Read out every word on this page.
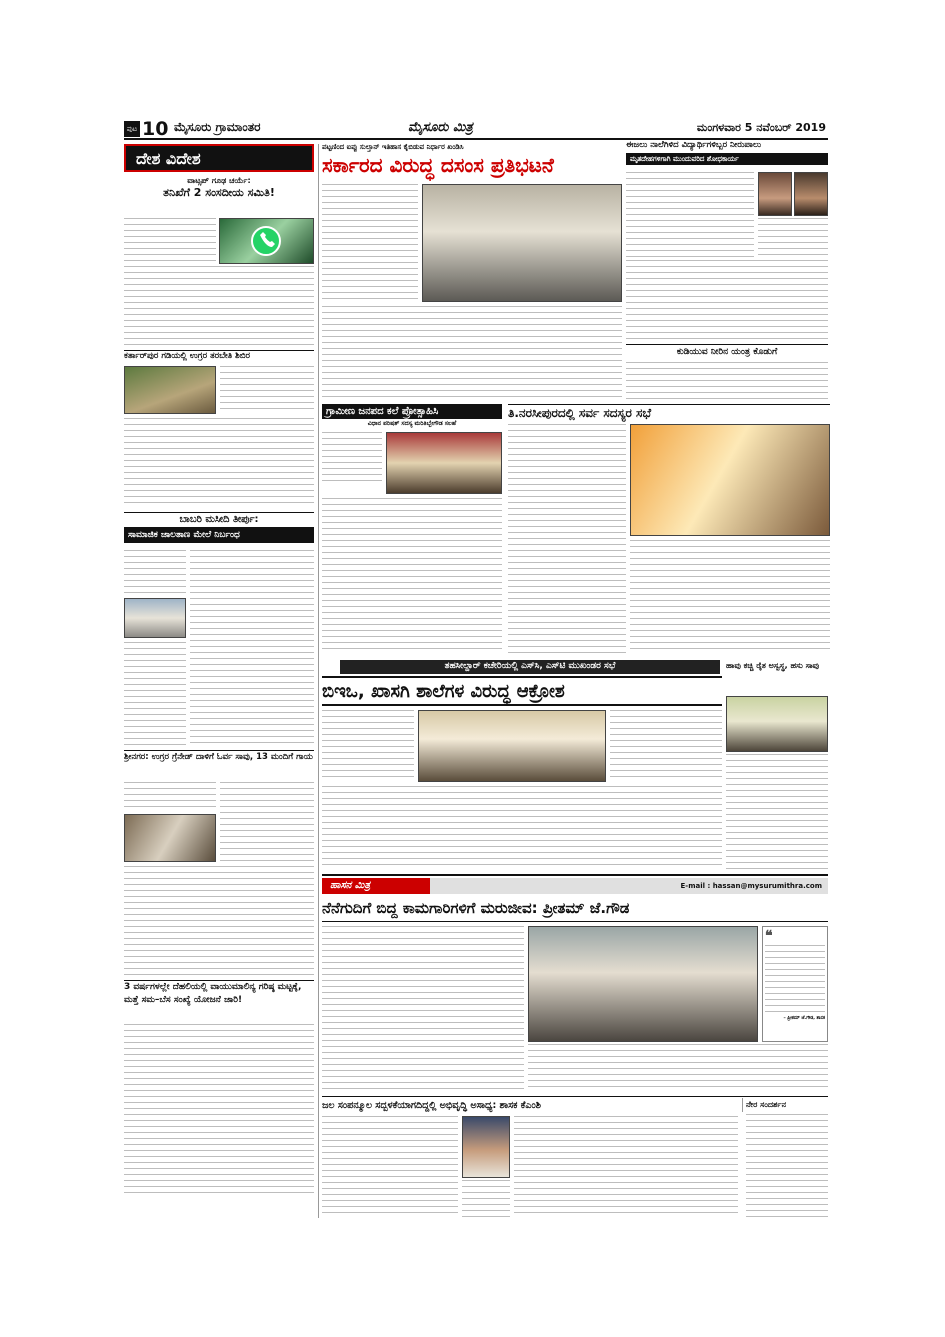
ಪುಟ 10 ಮೈಸೂರು ಗ್ರಾಮಾಂತರ	ಮೈಸೂರು ಮಿತ್ರ	ಮಂಗಳವಾರ 5 ನವೆಂಬರ್ 2019
ದೇಶ ವಿದೇಶ
ವಾಟ್ಸಪ್ ಗೂಢ ಚರ್ಯೆ:
ತನಿಖೆಗೆ 2 ಸಂಸದೀಯ ಸಮಿತಿ!
ಕರ್ತಾರ್‌ಪುರ ಗಡಿಯಲ್ಲಿ ಉಗ್ರರ ತರಬೇತಿ ಶಿಬಿರ
ಬಾಬರಿ ಮಸೀದಿ ತೀರ್ಪು:
ಸಾಮಾಜಿಕ ಜಾಲತಾಣ ಮೇಲೆ ನಿರ್ಬಂಧ
ಶ್ರೀನಗರ: ಉಗ್ರರ ಗ್ರೆನೇಡ್ ದಾಳಿಗೆ ಓರ್ವ ಸಾವು, 13 ಮಂದಿಗೆ ಗಾಯ
3 ವರ್ಷಗಳಲ್ಲೇ ದೆಹಲಿಯಲ್ಲಿ ವಾಯುಮಾಲಿನ್ಯ ಗರಿಷ್ಠ ಮಟ್ಟಕ್ಕೆ, ಮತ್ತೆ ಸಮ–ಬೆಸ ಸಂಖ್ಯೆ ಯೋಜನೆ ಜಾರಿ!
ಪಟ್ಟಣಿಂದ ಐಪ್ಪು ಸುಲ್ತಾನ್ ಇತಿಹಾಸ ಕೈಬಿಡುವ ನಿರ್ಧಾರ ಖಂಡಿಸಿ
ಸರ್ಕಾರದ ವಿರುದ್ಧ ದಸಂಸ ಪ್ರತಿಭಟನೆ
ಗ್ರಾಮೀಣ ಜನಪದ ಕಲೆ ಪ್ರೋತ್ಸಾಹಿಸಿ
ವಿಧಾನ ಪರಿಷತ್ ಸದಸ್ಯ ಮರಿತಿಬ್ಬೇಗೌಡ ಸಲಹೆ
ತಿ.ನರಸೀಪುರದಲ್ಲಿ ಸರ್ವ ಸದಸ್ಯರ ಸಭೆ
ಈಜಲು ನಾಲೆಗಿಳಿದ ವಿದ್ಯಾರ್ಥಿಗಳಿಬ್ಬರ ನೀರುಪಾಲು
ಮೃತದೇಹಗಳಿಗಾಗಿ ಮುಂದುವರಿದ ಶೋಧಕಾರ್ಯ
ಕುಡಿಯುವ ನೀರಿನ ಯಂತ್ರ ಕೊಡುಗೆ
ತಹಸೀಲ್ದಾರ್ ಕಚೇರಿಯಲ್ಲಿ ಎಸ್‌ಸಿ, ಎಸ್‌ಟಿ ಮುಖಂಡರ ಸಭೆ
ಬಿಇಒ, ಖಾಸಗಿ ಶಾಲೆಗಳ ವಿರುದ್ಧ ಆಕ್ರೋಶ
ಹಾವು ಕಚ್ಚಿ ರೈತ ಅಸ್ವಸ್ಥ, ಹಸು ಸಾವು
ಹಾಸನ ಮಿತ್ರ	E-mail : hassan@mysurumithra.com
ನೆನೆಗುದಿಗೆ ಬಿದ್ದ ಕಾಮಗಾರಿಗಳಿಗೆ ಮರುಜೀವ: ಪ್ರೀತಮ್ ಜೆ.ಗೌಡ
❝
– ಪ್ರೀತಮ್ ಜೆ.ಗೌಡ, ಶಾಸಕ
ಜಲ ಸಂಪನ್ಮೂಲ ಸದ್ಬಳಕೆಯಾಗದಿದ್ದಲ್ಲಿ ಅಭಿವೃದ್ಧಿ ಅಸಾಧ್ಯ: ಶಾಸಕ ಕೆಎಂಶಿ	ನೇರ ಸಂದರ್ಶನ
